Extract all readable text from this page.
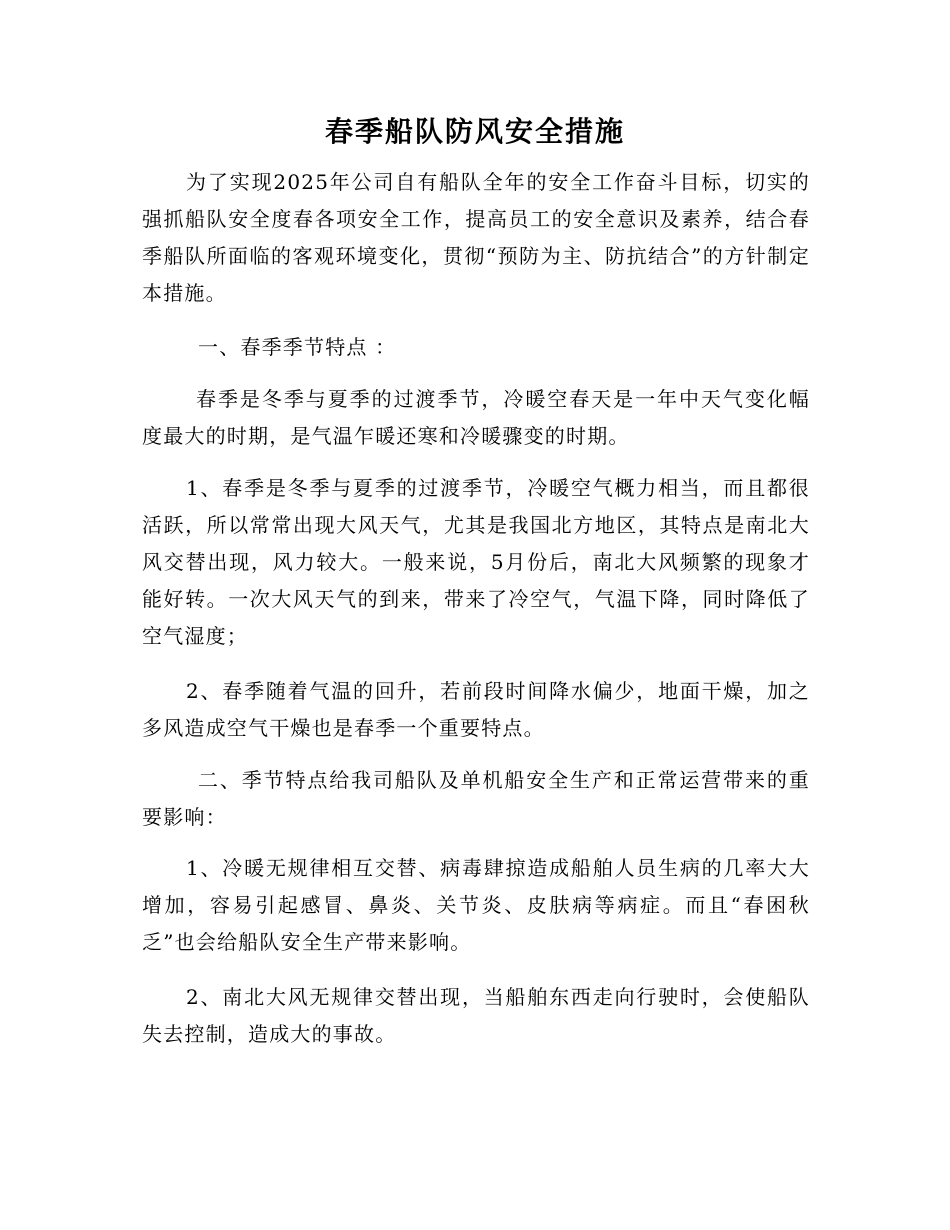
春季船队防风安全措施

为了实现2025年公司自有船队全年的安全工作奋斗目标，切实的强抓船队安全度春各项安全工作，提高员工的安全意识及素养，结合春季船队所面临的客观环境变化，贯彻“预防为主、防抗结合”的方针制定本措施。

一、春季季节特点 ：

春季是冬季与夏季的过渡季节，冷暖空春天是一年中天气变化幅度最大的时期，是气温乍暖还寒和冷暖骤变的时期。

1、春季是冬季与夏季的过渡季节，冷暖空气概力相当，而且都很活跃，所以常常出现大风天气，尤其是我国北方地区，其特点是南北大风交替出现，风力较大。一般来说，5月份后，南北大风频繁的现象才能好转。一次大风天气的到来，带来了冷空气，气温下降，同时降低了空气湿度；

2、春季随着气温的回升，若前段时间降水偏少，地面干燥，加之多风造成空气干燥也是春季一个重要特点。

二、季节特点给我司船队及单机船安全生产和正常运营带来的重要影响：

1、冷暖无规律相互交替、病毒肆掠造成船舶人员生病的几率大大增加，容易引起感冒、鼻炎、关节炎、皮肤病等病症。而且“春困秋乏”也会给船队安全生产带来影响。

2、南北大风无规律交替出现，当船舶东西走向行驶时，会使船队失去控制，造成大的事故。
